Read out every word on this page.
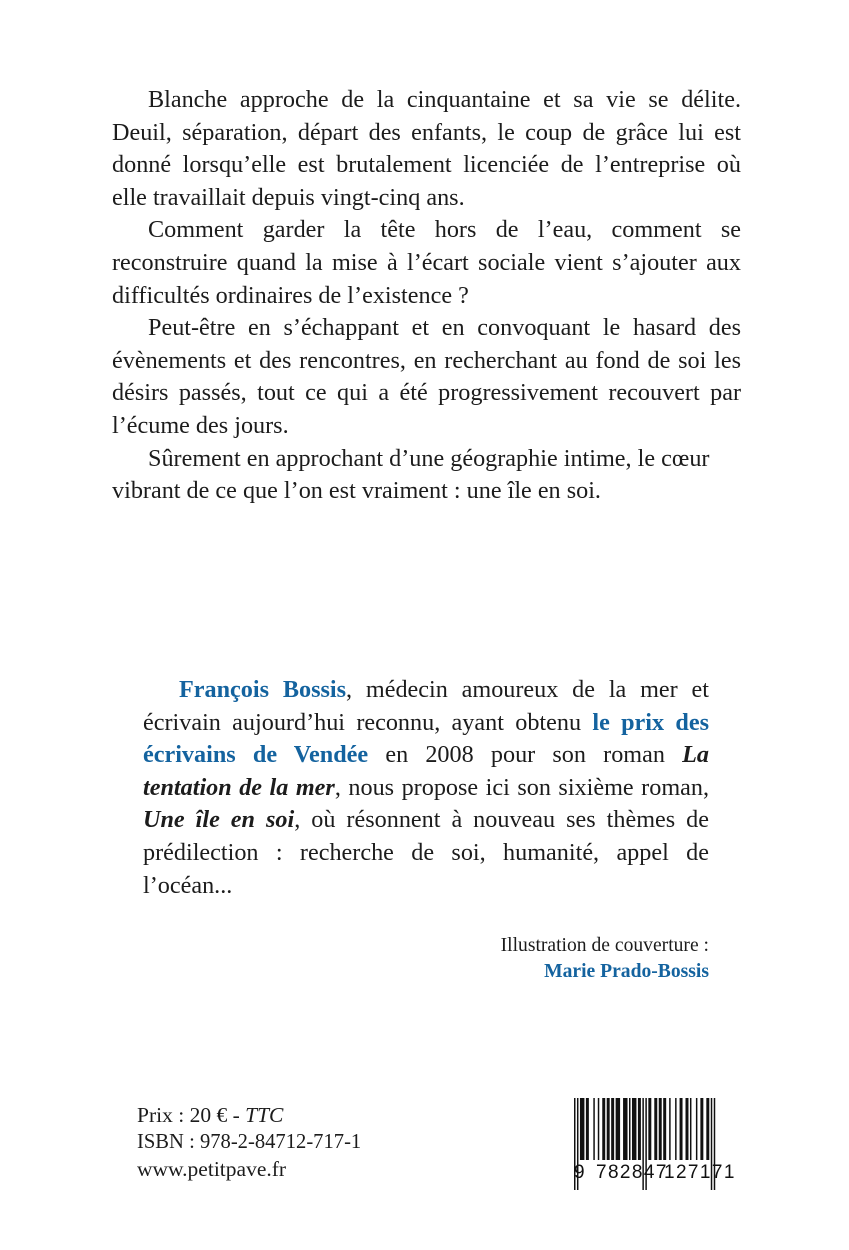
Blanche approche de la cinquantaine et sa vie se délite. Deuil, séparation, départ des enfants, le coup de grâce lui est donné lorsqu’elle est brutalement licenciée de l’entreprise où elle travaillait depuis vingt-cinq ans.

Comment garder la tête hors de l’eau, comment se reconstruire quand la mise à l’écart sociale vient s’ajouter aux difficultés ordinaires de l’existence ?

Peut-être en s’échappant et en convoquant le hasard des évènements et des rencontres, en recherchant au fond de soi les désirs passés, tout ce qui a été progressivement recouvert par l’écume des jours.

Sûrement en approchant d’une géographie intime, le cœur vibrant de ce que l’on est vraiment : une île en soi.

François Bossis, médecin amoureux de la mer et écrivain aujourd’hui reconnu, ayant obtenu le prix des écrivains de Vendée en 2008 pour son roman La tentation de la mer, nous propose ici son sixième roman, Une île en soi, où résonnent à nouveau ses thèmes de prédilection : recherche de soi, humanité, appel de l’océan...

Illustration de couverture :
Marie Prado-Bossis
Prix : 20 € - TTC
ISBN : 978-2-84712-717-1
www.petitpave.fr	9 782847
127171
